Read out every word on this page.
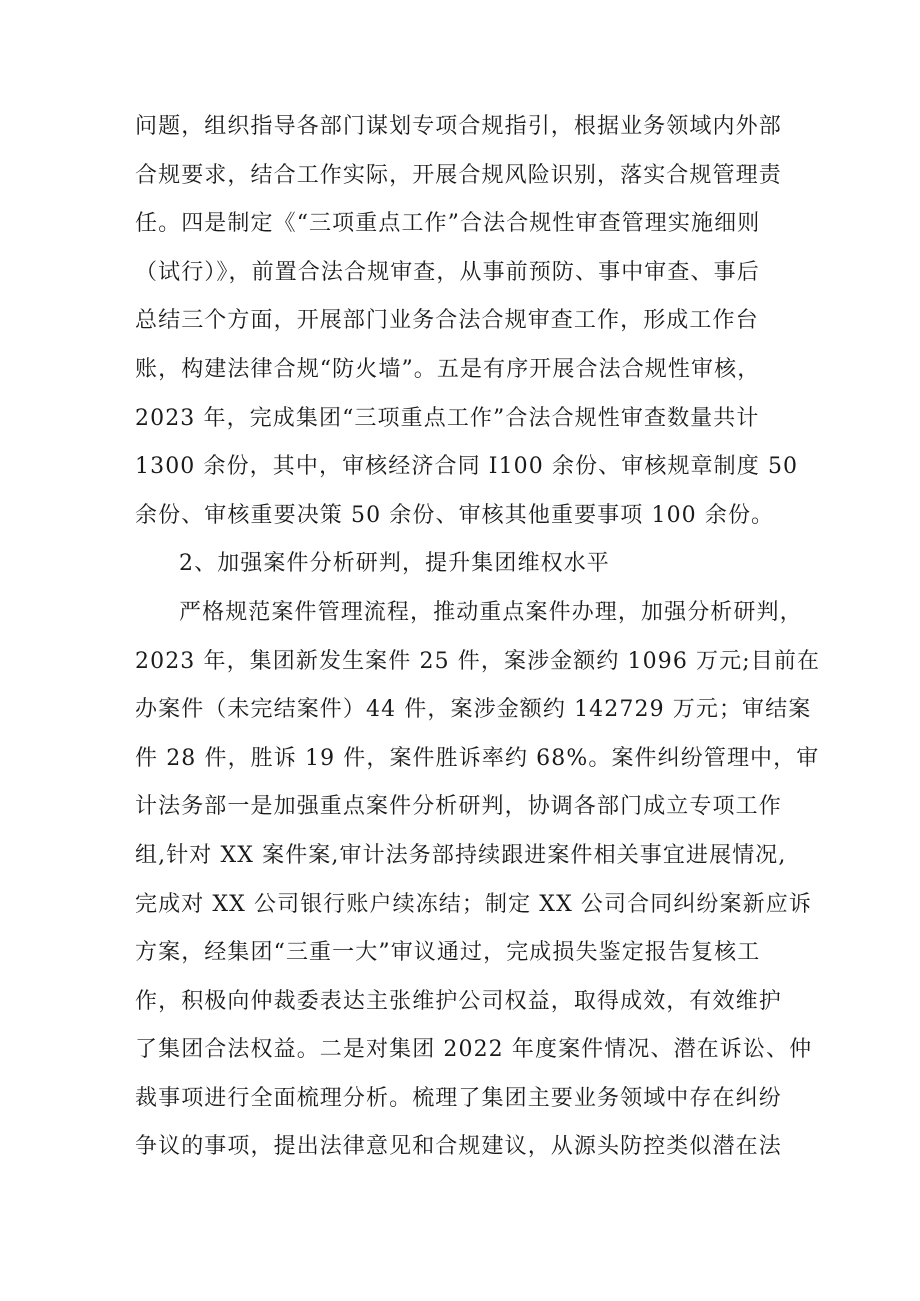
问题，组织指导各部门谋划专项合规指引，根据业务领域内外部
合规要求，结合工作实际，开展合规风险识别，落实合规管理责
任。四是制定《“三项重点工作”合法合规性审查管理实施细则
（试行）》，前置合法合规审查，从事前预防、事中审查、事后
总结三个方面，开展部门业务合法合规审查工作，形成工作台
账，构建法律合规“防火墙”。五是有序开展合法合规性审核，
2023 年，完成集团“三项重点工作”合法合规性审查数量共计
1300 余份，其中，审核经济合同 I100 余份、审核规章制度 50
余份、审核重要决策 50 余份、审核其他重要事项 100 余份。
2、加强案件分析研判，提升集团维权水平
严格规范案件管理流程，推动重点案件办理，加强分析研判，
2023 年，集团新发生案件 25 件，案涉金额约 1096 万元;目前在
办案件（未完结案件）44 件，案涉金额约 142729 万元；审结案
件 28 件，胜诉 19 件，案件胜诉率约 68%。案件纠纷管理中，审
计法务部一是加强重点案件分析研判，协调各部门成立专项工作
组,针对 XX 案件案,审计法务部持续跟进案件相关事宜进展情况,
完成对 XX 公司银行账户续冻结；制定 XX 公司合同纠纷案新应诉
方案，经集团“三重一大”审议通过，完成损失鉴定报告复核工
作，积极向仲裁委表达主张维护公司权益，取得成效，有效维护
了集团合法权益。二是对集团 2022 年度案件情况、潜在诉讼、仲
裁事项进行全面梳理分析。梳理了集团主要业务领域中存在纠纷
争议的事项，提出法律意见和合规建议，从源头防控类似潜在法
